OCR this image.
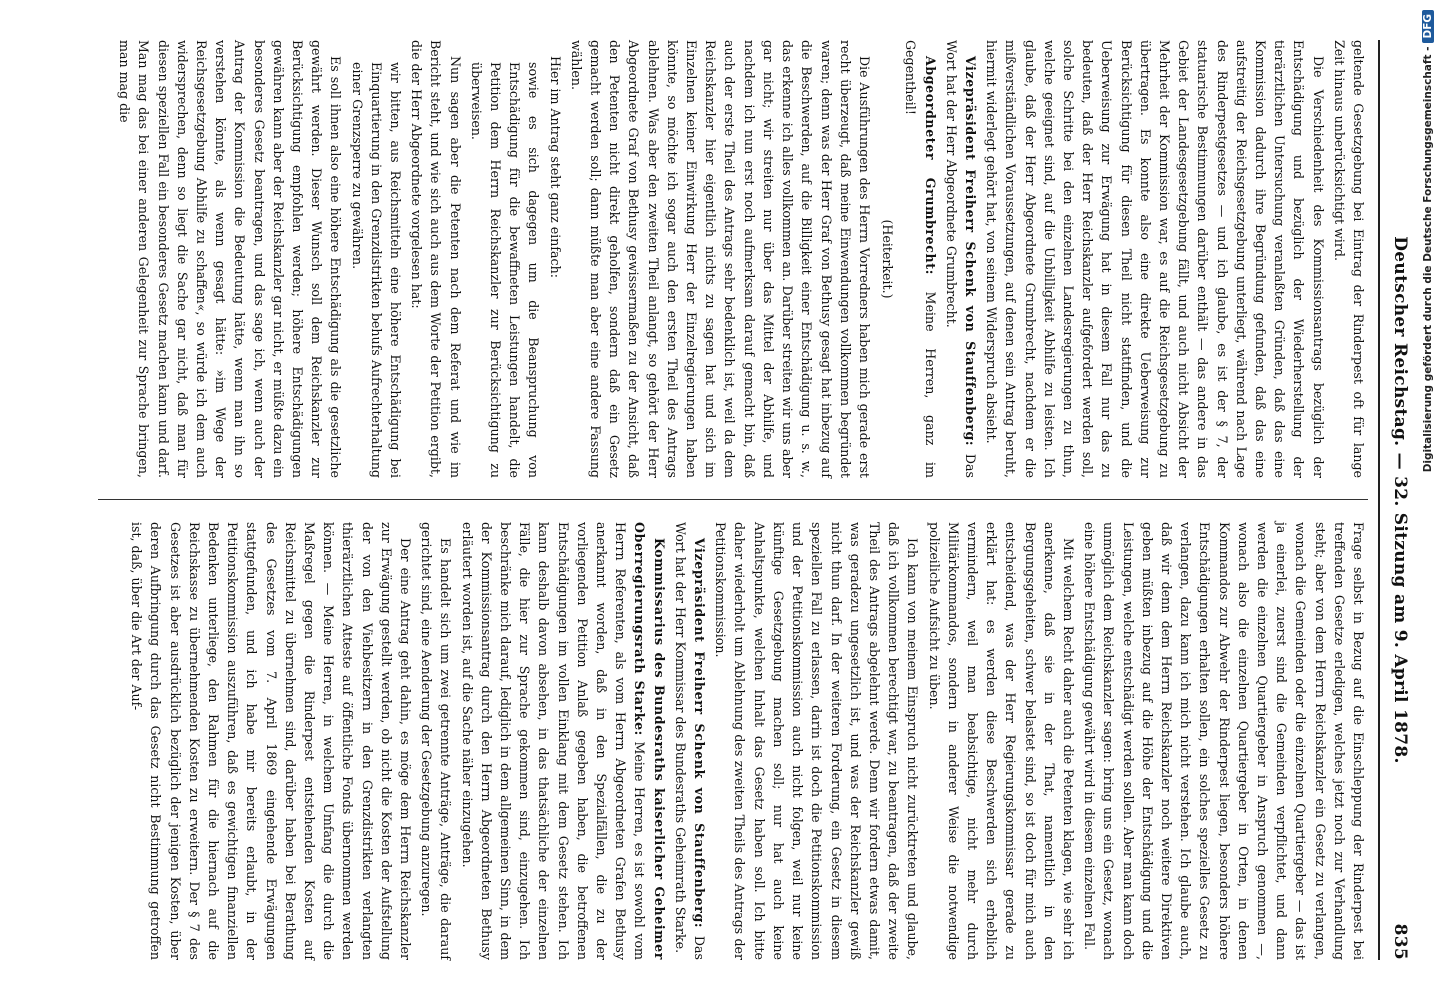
Deutscher Reichstag. — 32. Sitzung am 9. April 1878.
835

geltende Gesetzgebung bei Eintrag der Rinderpest oft für lange Zeit hinaus unberücksichtigt wird.

Die Verschiedenheit des Kommissionsantrags bezüglich der Entschädigung und bezüglich der Wiederherstellung der tierärztlichen Untersuchung veranlaßten Gründen, daß das eine Kommission dadurch ihre Begründung gefunden, daß das eine aufstreitig der Reichsgesetzgebung unterliegt, während nach Lage des Rinderpestgesetzes — und ich glaube, es ist der § 7, der statuarische Bestimmungen darüber enthält — das andere in das Gebiet der Landesgesetzgebung fällt, und auch nicht Absicht der Mehrheit der Kommission war, es auf die Reichsgesetzgebung zu übertragen. Es konnte also eine direkte Ueberweisung zur Berücksichtigung für diesen Theil nicht stattfinden, und die Ueberweisung zur Erwägung hat in diesem Fall nur das zu bedeuten, daß der Herr Reichskanzler aufgefordert werden soll, solche Schritte bei den einzelnen Landesregierungen zu thun, welche geeignet sind, auf die Unbilligkeit Abhilfe zu leisten. Ich glaube, daß der Herr Abgeordnete Grumbrecht, nachdem er die mißverständlichen Voraussetzungen, auf denen sein Antrag beruht, hiermit widerlegt gehört hat, von seinem Widerspruch absieht.

Vizepräsident Freiherr Schenk von Stauffenberg: Das Wort hat der Herr Abgeordnete Grumbrecht.

Abgeordneter Grumbrecht: Meine Herren, ganz im Gegentheil!

(Heiterkeit.)

Die Ausführungen des Herrn Vorredners haben mich gerade erst recht überzeugt, daß meine Einwendungen vollkommen begründet waren; denn was der Herr Graf von Bethusy gesagt hat inbezug auf die Beschwerden, auf die Billigkeit einer Entschädigung u. s. w., das erkenne ich alles vollkommen an. Darüber streiten wir uns aber gar nicht; wir streiten nur über das Mittel der Abhilfe, und nachdem ich nun erst noch aufmerksam darauf gemacht bin, daß auch der erste Theil des Antrags sehr bedenklich ist, weil da dem Reichskanzler hier eigentlich nichts zu sagen hat und sich im Einzelnen keiner Einwirkung Herr der Einzelregierungen haben könnte, so möchte ich sogar auch den ersten Theil des Antrags ablehnen. Was aber den zweiten Theil anlangt, so gehört der Herr Abgeordnete Graf von Bethusy gewissermaßen zu der Ansicht, daß den Petenten nicht direkt geholfen, sondern daß ein Gesetz gemacht werden soll; dann müßte man aber eine andere Fassung wählen.

Hier im Antrag steht ganz einfach:

sowie es sich dagegen um die Beanspruchung von Entschädigung für die bewaffneten Leistungen handelt, die Petition dem Herrn Reichskanzler zur Berücksichtigung zu überweisen.

Nun sagen aber die Petenten nach dem Referat und wie im Bericht steht, und wie sich auch aus dem Worte der Petition ergibt, die der Herr Abgeordnete vorgelesen hat:

wir bitten, aus Reichsmitteln eine höhere Entschädigung bei Einquartierung in den Grenzdistrikten behufs Aufrechterhaltung einer Grenzsperre zu gewähren.

Es soll ihnen also eine höhere Entschädigung als die gesetzliche gewährt werden. Dieser Wunsch soll dem Reichskanzler zur Berücksichtigung empfohlen werden; höhere Entschädigungen gewähren kann aber der Reichskanzler gar nicht, er müßte dazu ein besonderes Gesetz beantragen, und das sage ich, wenn auch der Antrag der Kommission die Bedeutung hätte, wenn man ihn so verstehen könnte, als wenn gesagt hätte: »im Wege der Reichsgesetzgebung Abhilfe zu schaffen«, so würde ich dem auch widersprechen, denn so liegt die Sache gar nicht, daß man für diesen speziellen Fall ein besonderes Gesetz machen kann und darf. Man mag das bei einer anderen Gelegenheit zur Sprache bringen, man mag die

Frage selbst in Bezug auf die Einschleppung der Rinderpest bei treffenden Gesetze erledigen, welches jetzt noch zur Verhandlung steht; aber von dem Herrn Reichskanzler ein Gesetz zu verlangen, wonach die Gemeinden oder die einzelnen Quartiergeber — das ist ja einerlei, zuerst sind die Gemeinden verpflichtet, und dann werden die einzelnen Quartiergeber in Anspruch genommen —, wonach also die einzelnen Quartiergeber in Orten, in denen Kommandos zur Abwehr der Rinderpest liegen, besonders höhere Entschädigungen erhalten sollen, ein solches spezielles Gesetz zu verlangen, dazu kann ich mich nicht verstehen. Ich glaube auch, daß wir denn dem Herrn Reichskanzler noch weitere Direktiven geben müßten inbezug auf die Höhe der Entschädigung und die Leistungen, welche entschädigt werden sollen. Aber man kann doch unmöglich dem Reichskanzler sagen: bring uns ein Gesetz, wonach eine höhere Entschädigung gewährt wird in diesem einzelnen Fall.

Mit welchem Recht daher auch die Petenten klagen, wie sehr ich anerkenne, daß sie in der That, namentlich in den Bergungsgeheiten, schwer belastet sind, so ist doch für mich auch entscheidend, was der Herr Regierungskommissar gerade zu erklärt hat: es werden diese Beschwerden sich erheblich vermindern, weil man beabsichtige, nicht mehr durch Militärkommandos, sondern in anderer Weise die notwendige polizeiliche Aufsicht zu üben.

Ich kann von meinem Einspruch nicht zurücktreten und glaube, daß ich vollkommen berechtigt war, zu beantragen, daß der zweite Theil des Antrags abgelehnt werde. Denn wir fordern etwas damit, was geradezu ungesetzlich ist, und was der Reichskanzler gewiß nicht thun darf. In der weiteren Forderung, ein Gesetz in diesem speziellen Fall zu erlassen, darin ist doch die Petitionskommission und der Petitionskommission auch nicht folgen, weil nur keine künftige Gesetzgebung machen soll; nur hat auch keine Anhaltspunkte, welchen Inhalt das Gesetz haben soll. Ich bitte daher wiederholt um Ablehnung des zweiten Theils des Antrags der Petitionskommission.

Vizepräsident Freiherr Schenk von Stauffenberg: Das Wort hat der Herr Kommissar des Bundesraths Geheimrath Starke.

Kommissarius des Bundesraths kaiserlicher Geheimer Oberregierungsrath Starke: Meine Herren, es ist sowohl vom Herrn Referenten, als vom Herrn Abgeordneten Grafen Bethusy anerkannt worden, daß in den Spezialfällen, die zu der vorliegenden Petition Anlaß gegeben haben, die betroffenen Entschädigungen im vollen Einklang mit dem Gesetz stehen. Ich kann deshalb davon absehen, in das thatsächliche der einzelnen Fälle, die hier zur Sprache gekommen sind, einzugehen. Ich beschränke mich darauf, lediglich in dem allgemeinen Sinn, in dem der Kommissionsantrag durch den Herrn Abgeordneten Bethusy erläutert worden ist, auf die Sache näher einzugehen.

Es handelt sich um zwei getrennte Anträge, Anträge, die darauf gerichtet sind, eine Aenderung der Gesetzgebung anzuregen.

Der eine Antrag geht dahin, es möge dem Herrn Reichskanzler zur Erwägung gestellt werden, ob nicht die Kosten der Aufstellung der von den Viehbesitzern in den Grenzdistrikten verlangten thierärztlichen Atteste auf öffentliche Fonds übernommen werden können. — Meine Herren, in welchem Umfang die durch die Maßregel gegen die Rinderpest entstehenden Kosten auf Reichsmittel zu übernehmen sind, darüber haben bei Berathung des Gesetzes vom 7. April 1869 eingehende Erwägungen stattgefunden, und ich habe mir bereits erlaubt, in der Petitionskommission auszuführen, daß es gewichtigen finanziellen Bedenken unterliege, den Rahmen für die hiernach auf die Reichskasse zu übernehmenden Kosten zu erweitern. Der § 7 des Gesetzes ist aber ausdrücklich bezüglich der jenigen Kosten, über deren Aufbringung durch das Gesetz nicht Bestimmung getroffen ist, daß, über die Art der Auf-

Digitalisierung gefördert durch die Deutsche Forschungsgemeinschaft -DFG
